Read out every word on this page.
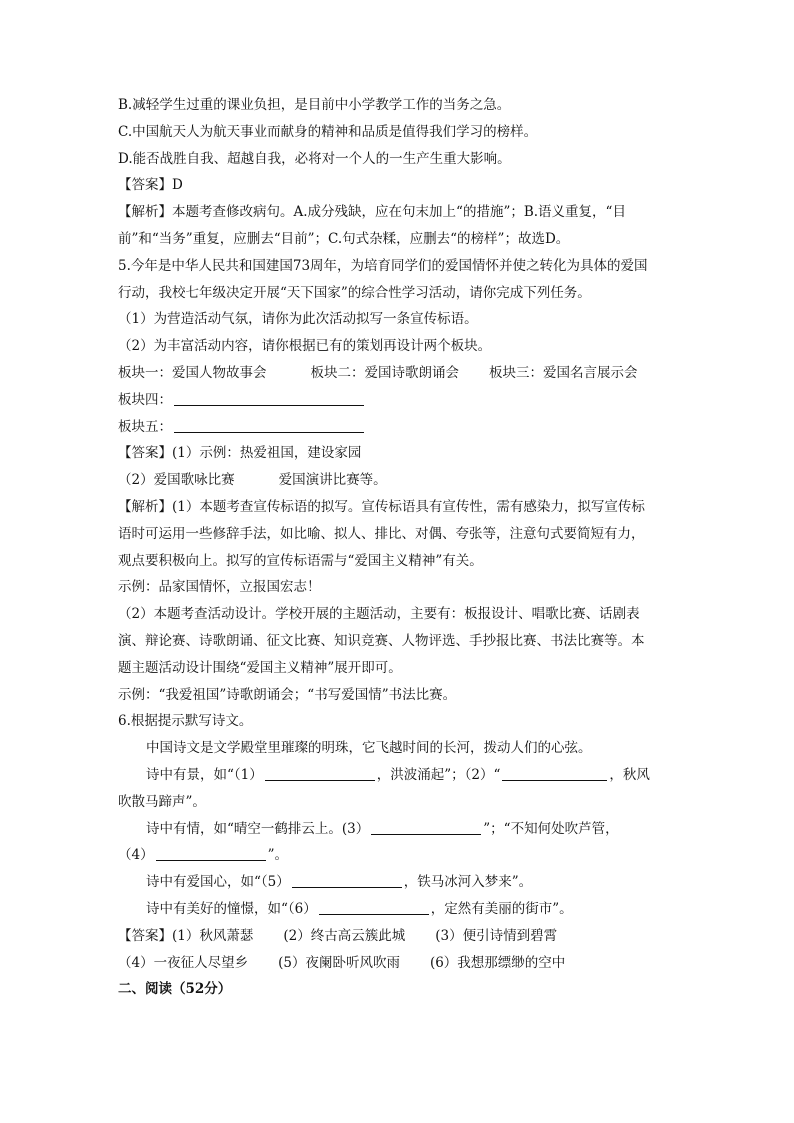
B.减轻学生过重的课业负担，是目前中小学教学工作的当务之急。
C.中国航天人为航天事业而献身的精神和品质是值得我们学习的榜样。
D.能否战胜自我、超越自我，必将对一个人的一生产生重大影响。
【答案】D
【解析】本题考查修改病句。A.成分残缺，应在句末加上“的措施”；B.语义重复，“目
前”和“当务”重复，应删去“目前”；C.句式杂糅，应删去“的榜样”；故选D。
5.今年是中华人民共和国建国73周年，为培育同学们的爱国情怀并使之转化为具体的爱国
行动，我校七年级决定开展“天下国家”的综合性学习活动，请你完成下列任务。
（1）为营造活动气氛，请你为此次活动拟写一条宣传标语。
（2）为丰富活动内容，请你根据已有的策划再设计两个板块。
板块一：爱国人物故事会	板块二：爱国诗歌朗诵会 板块三：爱国名言展示会
板块四：
板块五：
【答案】(1）示例：热爱祖国，建设家园
（2）爱国歌咏比赛	爱国演讲比赛等。
【解析】(1）本题考查宣传标语的拟写。宣传标语具有宣传性，需有感染力，拟写宣传标
语时可运用一些修辞手法，如比喻、拟人、排比、对偶、夸张等，注意句式要简短有力，
观点要积极向上。拟写的宣传标语需与“爱国主义精神”有关。
示例：品家国情怀，立报国宏志！
（2）本题考查活动设计。学校开展的主题活动，主要有：板报设计、唱歌比赛、话剧表
演、辩论赛、诗歌朗诵、征文比赛、知识竞赛、人物评选、手抄报比赛、书法比赛等。本
题主题活动设计围绕“爱国主义精神”展开即可。
示例：“我爱祖国”诗歌朗诵会；“书写爱国情”书法比赛。
6.根据提示默写诗文。
中国诗文是文学殿堂里璀璨的明珠，它飞越时间的长河，拨动人们的心弦。
诗中有景，如“（1）	，洪波涌起”；（2）“	，秋风
吹散马蹄声”。
诗中有情，如“晴空一鹤排云上。(3）	”；“不知何处吹芦管，
（4）	”。
诗中有爱国心，如“（5）	，铁马冰河入梦来”。
诗中有美好的憧憬，如“（6）	，定然有美丽的街市”。
【答案】(1）秋风萧瑟 (2）终古高云簇此城 (3）便引诗情到碧霄
（4）一夜征人尽望乡 (5）夜阑卧听风吹雨 (6）我想那缥缈的空中
二、阅读（52分）
